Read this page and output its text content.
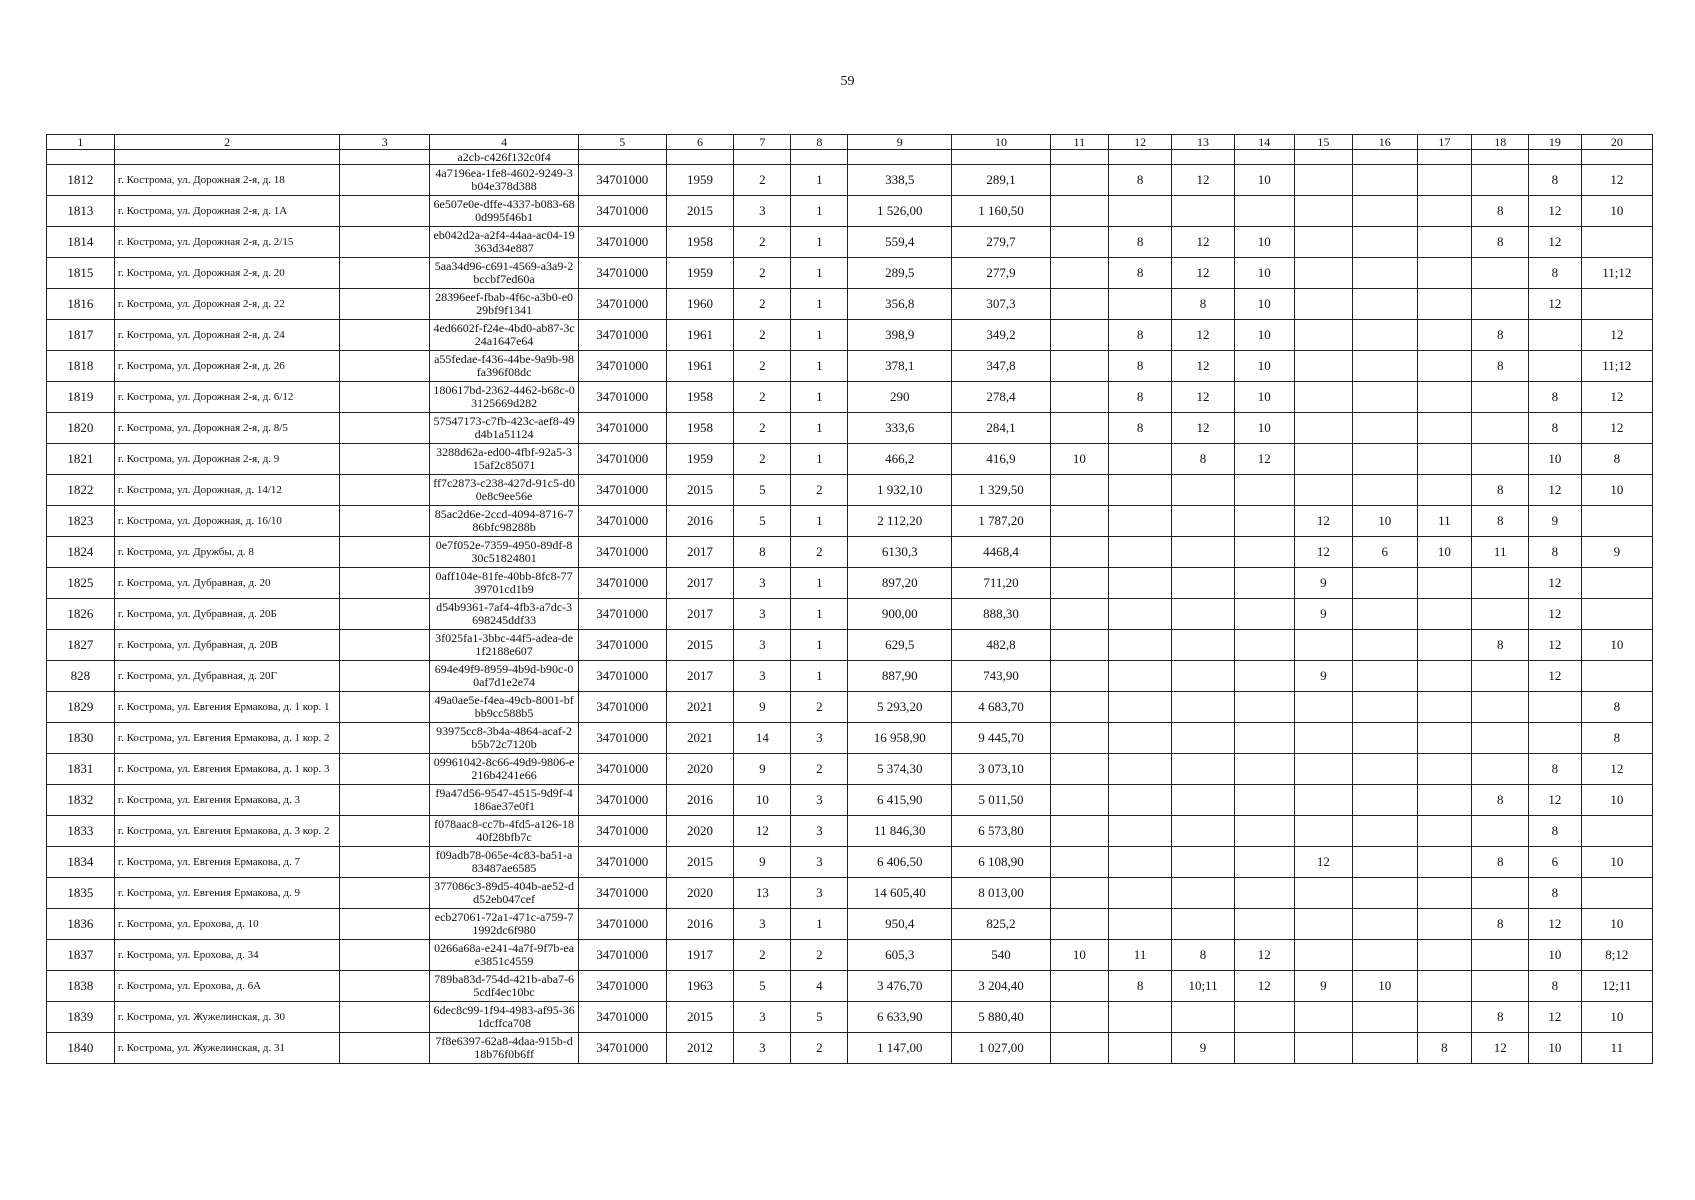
59
1	2	3	4	5	6	7	8	9	10	11	12	13	14	15	16	17	18	19	20
			a2cb-c426f132c0f4																
1812	г. Кострома, ул. Дорожная 2-я, д. 18		4a7196ea-1fe8-4602-9249-3b04e378d388	34701000	1959	2	1	338,5	289,1		8	12	10					8	12
1813	г. Кострома, ул. Дорожная 2-я, д. 1А		6e507e0e-dffe-4337-b083-680d995f46b1	34701000	2015	3	1	1 526,00	1 160,50								8	12	10
1814	г. Кострома, ул. Дорожная 2-я, д. 2/15		eb042d2a-a2f4-44aa-ac04-19363d34e887	34701000	1958	2	1	559,4	279,7		8	12	10				8	12	
1815	г. Кострома, ул. Дорожная 2-я, д. 20		5aa34d96-c691-4569-a3a9-2bccbf7ed60a	34701000	1959	2	1	289,5	277,9		8	12	10					8	11;12
1816	г. Кострома, ул. Дорожная 2-я, д. 22		28396eef-fbab-4f6c-a3b0-e029bf9f1341	34701000	1960	2	1	356,8	307,3			8	10					12	
1817	г. Кострома, ул. Дорожная 2-я, д. 24		4ed6602f-f24e-4bd0-ab87-3c24a1647e64	34701000	1961	2	1	398,9	349,2		8	12	10				8		12
1818	г. Кострома, ул. Дорожная 2-я, д. 26		a55fedae-f436-44be-9a9b-98fa396f08dc	34701000	1961	2	1	378,1	347,8		8	12	10				8		11;12
1819	г. Кострома, ул. Дорожная 2-я, д. 6/12		180617bd-2362-4462-b68c-03125669d282	34701000	1958	2	1	290	278,4		8	12	10					8	12
1820	г. Кострома, ул. Дорожная 2-я, д. 8/5		57547173-c7fb-423c-aef8-49d4b1a51124	34701000	1958	2	1	333,6	284,1		8	12	10					8	12
1821	г. Кострома, ул. Дорожная 2-я, д. 9		3288d62a-ed00-4fbf-92a5-315af2c85071	34701000	1959	2	1	466,2	416,9	10		8	12					10	8
1822	г. Кострома, ул. Дорожная, д. 14/12		ff7c2873-c238-427d-91c5-d00e8c9ee56e	34701000	2015	5	2	1 932,10	1 329,50								8	12	10
1823	г. Кострома, ул. Дорожная, д. 16/10		85ac2d6e-2ccd-4094-8716-786bfc98288b	34701000	2016	5	1	2 112,20	1 787,20					12	10	11	8	9	
1824	г. Кострома, ул. Дружбы, д. 8		0e7f052e-7359-4950-89df-830c51824801	34701000	2017	8	2	6130,3	4468,4					12	6	10	11	8	9
1825	г. Кострома, ул. Дубравная, д. 20		0aff104e-81fe-40bb-8fc8-7739701cd1b9	34701000	2017	3	1	897,20	711,20					9				12	
1826	г. Кострома, ул. Дубравная, д. 20Б		d54b9361-7af4-4fb3-a7dc-3698245ddf33	34701000	2017	3	1	900,00	888,30					9				12	
1827	г. Кострома, ул. Дубравная, д. 20В		3f025fa1-3bbc-44f5-adea-de1f2188e607	34701000	2015	3	1	629,5	482,8								8	12	10
828	г. Кострома, ул. Дубравная, д. 20Г		694e49f9-8959-4b9d-b90c-00af7d1e2e74	34701000	2017	3	1	887,90	743,90					9				12	
1829	г. Кострома, ул. Евгения Ермакова, д. 1 кор. 1		49a0ae5e-f4ea-49cb-8001-bfbb9cc588b5	34701000	2021	9	2	5 293,20	4 683,70										8
1830	г. Кострома, ул. Евгения Ермакова, д. 1 кор. 2		93975cc8-3b4a-4864-acaf-2b5b72c7120b	34701000	2021	14	3	16 958,90	9 445,70										8
1831	г. Кострома, ул. Евгения Ермакова, д. 1 кор. 3		09961042-8c66-49d9-9806-e216b4241e66	34701000	2020	9	2	5 374,30	3 073,10									8	12
1832	г. Кострома, ул. Евгения Ермакова, д. 3		f9a47d56-9547-4515-9d9f-4186ae37e0f1	34701000	2016	10	3	6 415,90	5 011,50								8	12	10
1833	г. Кострома, ул. Евгения Ермакова, д. 3 кор. 2		f078aac8-cc7b-4fd5-a126-1840f28bfb7c	34701000	2020	12	3	11 846,30	6 573,80									8	
1834	г. Кострома, ул. Евгения Ермакова, д. 7		f09adb78-065e-4c83-ba51-a83487ae6585	34701000	2015	9	3	6 406,50	6 108,90					12			8	6	10
1835	г. Кострома, ул. Евгения Ермакова, д. 9		377086c3-89d5-404b-ae52-dd52eb047cef	34701000	2020	13	3	14 605,40	8 013,00									8	
1836	г. Кострома, ул. Ерохова, д. 10		ecb27061-72a1-471c-a759-71992dc6f980	34701000	2016	3	1	950,4	825,2								8	12	10
1837	г. Кострома, ул. Ерохова, д. 34		0266a68a-e241-4a7f-9f7b-eae3851c4559	34701000	1917	2	2	605,3	540	10	11	8	12					10	8;12
1838	г. Кострома, ул. Ерохова, д. 6А		789ba83d-754d-421b-aba7-65cdf4ec10bc	34701000	1963	5	4	3 476,70	3 204,40		8	10;11	12	9	10			8	12;11
1839	г. Кострома, ул. Жужелинская, д. 30		6dec8c99-1f94-4983-af95-361dcffca708	34701000	2015	3	5	6 633,90	5 880,40								8	12	10
1840	г. Кострома, ул. Жужелинская, д. 31		7f8e6397-62a8-4daa-915b-d18b76f0b6ff	34701000	2012	3	2	1 147,00	1 027,00			9				8	12	10	11
